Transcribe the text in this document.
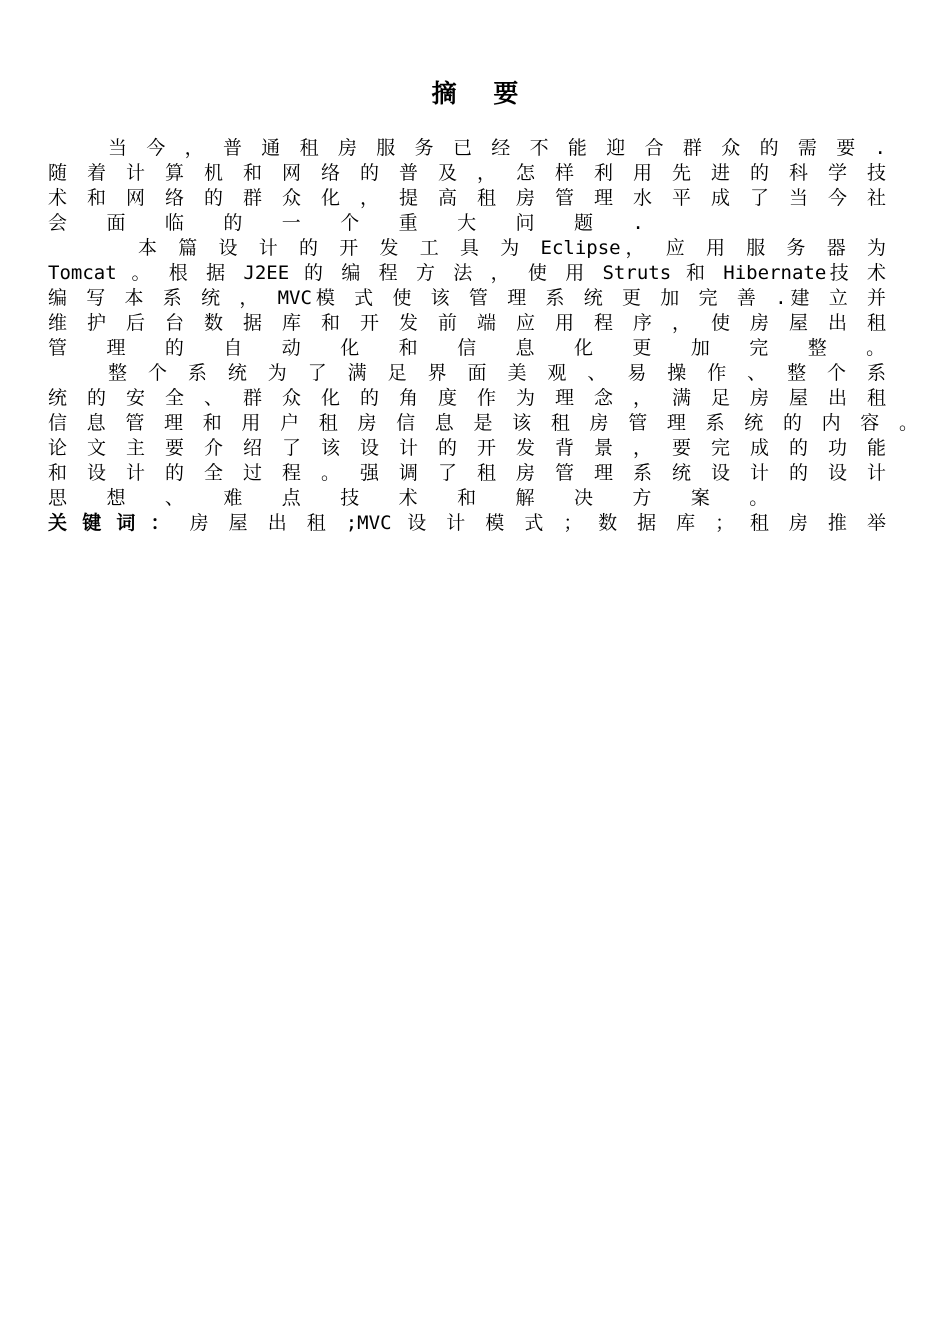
摘 要
当 今 ， 普 通 租 房 服 务 已 经 不 能 迎 合 群 众 的 需 要 .
随 着 计 算 机 和 网 络 的 普 及 ， 怎 样 利 用 先 进 的 科 学 技
术 和 网 络 的 群 众 化 ， 提 高 租 房 管 理 水 平 成 了 当 今 社
会 面 临 的 一 个 重 大 问 题 .
本 篇 设 计 的 开 发 工 具 为 Eclipse， 应 用 服 务 器 为
Tomcat 。 根 据 J2EE 的 编 程 方 法 ， 使 用 Struts 和 Hibernate技 术
编 写 本 系 统 ， MVC模 式 使 该 管 理 系 统 更 加 完 善 .建 立 并
维 护 后 台 数 据 库 和 开 发 前 端 应 用 程 序 ， 使 房 屋 出 租
管 理 的 自 动 化 和 信 息 化 更 加 完 整 。
整 个 系 统 为 了 满 足 界 面 美 观 、 易 操 作 、 整 个 系
统 的 安 全 、 群 众 化 的 角 度 作 为 理 念 ， 满 足 房 屋 出 租
信 息 管 理 和 用 户 租 房 信 息 是 该 租 房 管 理 系 统 的 内 容 。
论 文 主 要 介 绍 了 该 设 计 的 开 发 背 景 ， 要 完 成 的 功 能
和 设 计 的 全 过 程 。 强 调 了 租 房 管 理 系 统 设 计 的 设 计
思 想 、 难 点 技 术 和 解 决 方 案 。
关 键 词 ： 房 屋 出 租 ;MVC 设 计 模 式 ； 数 据 库 ； 租 房 推 举
